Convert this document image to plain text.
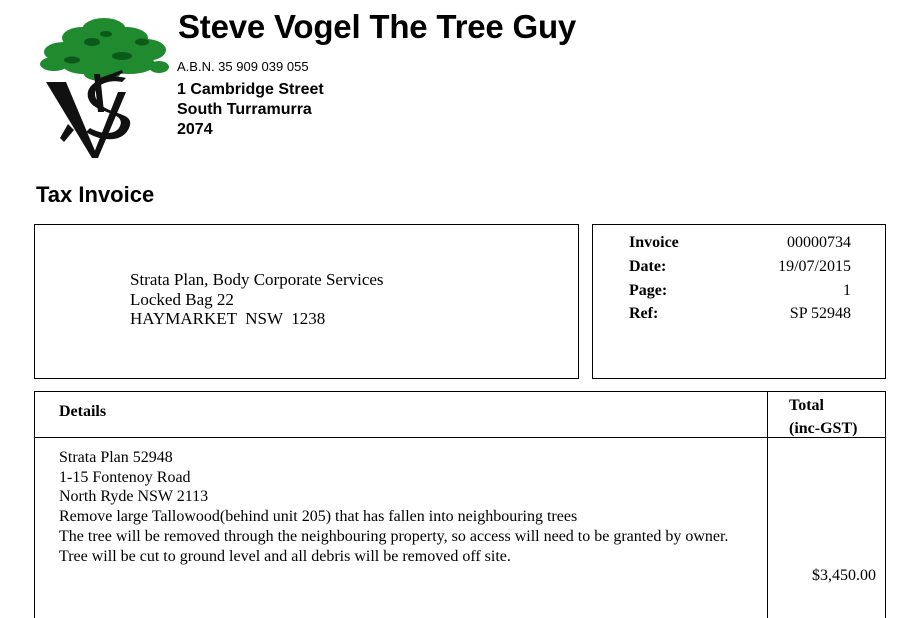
Steve Vogel The Tree Guy
A.B.N. 35 909 039 055
1 Cambridge Street
South Turramurra
2074
Tax Invoice
Strata Plan, Body Corporate Services
Locked Bag 22
HAYMARKET  NSW  1238
Invoice	00000734
Date:	19/07/2015
Page:	1
Ref:	SP 52948
Details	Total
(inc-GST)
Strata Plan 52948
1-15 Fontenoy Road
North Ryde NSW 2113
Remove large Tallowood(behind unit 205) that has fallen into neighbouring trees
The tree will be removed through the neighbouring property, so access will need to be granted by owner.
Tree will be cut to ground level and all debris will be removed off site.
$3,450.00
